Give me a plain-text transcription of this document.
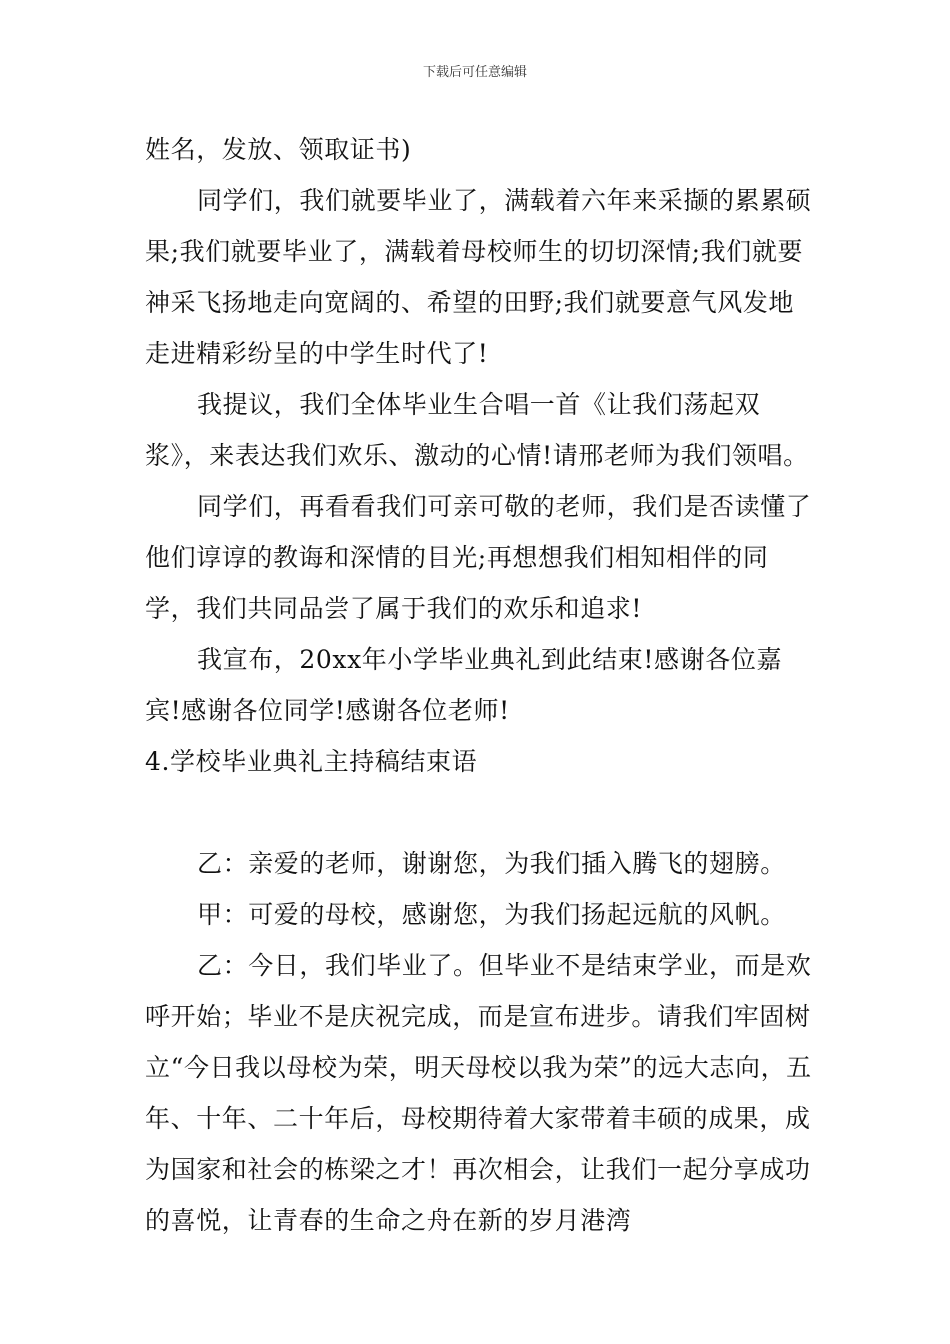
下载后可任意编辑

姓名，发放、领取证书)

同学们，我们就要毕业了，满载着六年来采撷的累累硕果;我们就要毕业了，满载着母校师生的切切深情;我们就要神采飞扬地走向宽阔的、希望的田野;我们就要意气风发地走进精彩纷呈的中学生时代了!

我提议，我们全体毕业生合唱一首《让我们荡起双浆》，来表达我们欢乐、激动的心情!请邢老师为我们领唱。

同学们，再看看我们可亲可敬的老师，我们是否读懂了他们谆谆的教诲和深情的目光;再想想我们相知相伴的同学，我们共同品尝了属于我们的欢乐和追求!

我宣布，20xx年小学毕业典礼到此结束!感谢各位嘉宾!感谢各位同学!感谢各位老师!

4.学校毕业典礼主持稿结束语

乙：亲爱的老师，谢谢您，为我们插入腾飞的翅膀。

甲：可爱的母校，感谢您，为我们扬起远航的风帆。

乙：今日，我们毕业了。但毕业不是结束学业，而是欢呼开始；毕业不是庆祝完成，而是宣布进步。请我们牢固树立“今日我以母校为荣，明天母校以我为荣”的远大志向，五年、十年、二十年后，母校期待着大家带着丰硕的成果，成为国家和社会的栋梁之才！再次相会，让我们一起分享成功的喜悦，让青春的生命之舟在新的岁月港湾
